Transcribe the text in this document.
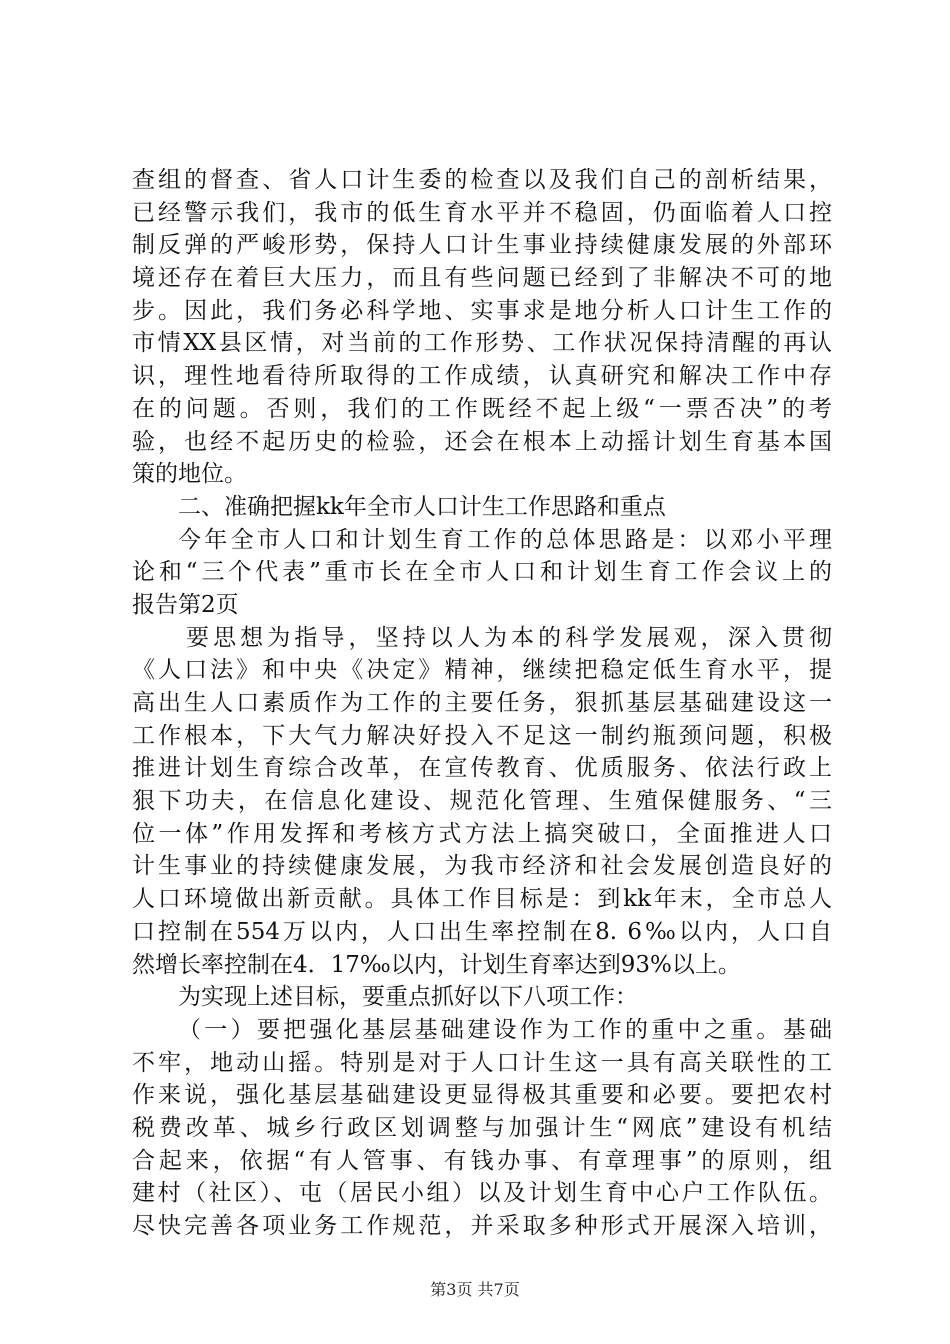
查组的督查、省人口计生委的检查以及我们自己的剖析结果，
已经警示我们，我市的低生育水平并不稳固，仍面临着人口控
制反弹的严峻形势，保持人口计生事业持续健康发展的外部环
境还存在着巨大压力，而且有些问题已经到了非解决不可的地
步。因此，我们务必科学地、实事求是地分析人口计生工作的
市情XX县区情，对当前的工作形势、工作状况保持清醒的再认
识，理性地看待所取得的工作成绩，认真研究和解决工作中存
在的问题。否则，我们的工作既经不起上级“一票否决”的考
验，也经不起历史的检验，还会在根本上动摇计划生育基本国
策的地位。
二、准确把握kk年全市人口计生工作思路和重点
今年全市人口和计划生育工作的总体思路是：以邓小平理
论和“三个代表”重市长在全市人口和计划生育工作会议上的
报告第2页
要思想为指导，坚持以人为本的科学发展观，深入贯彻
《人口法》和中央《决定》精神，继续把稳定低生育水平，提
高出生人口素质作为工作的主要任务，狠抓基层基础建设这一
工作根本，下大气力解决好投入不足这一制约瓶颈问题，积极
推进计划生育综合改革，在宣传教育、优质服务、依法行政上
狠下功夫，在信息化建设、规范化管理、生殖保健服务、“三
位一体”作用发挥和考核方式方法上搞突破口，全面推进人口
计生事业的持续健康发展，为我市经济和社会发展创造良好的
人口环境做出新贡献。具体工作目标是：到kk年末，全市总人
口控制在554万以内，人口出生率控制在8. 6‰以内，人口自
然增长率控制在4．17‰以内，计划生育率达到93%以上。
为实现上述目标，要重点抓好以下八项工作：
（一）要把强化基层基础建设作为工作的重中之重。基础
不牢，地动山摇。特别是对于人口计生这一具有高关联性的工
作来说，强化基层基础建设更显得极其重要和必要。要把农村
税费改革、城乡行政区划调整与加强计生“网底”建设有机结
合起来，依据“有人管事、有钱办事、有章理事”的原则，组
建村（社区）、屯（居民小组）以及计划生育中心户工作队伍。
尽快完善各项业务工作规范，并采取多种形式开展深入培训，
第3页 共7页
